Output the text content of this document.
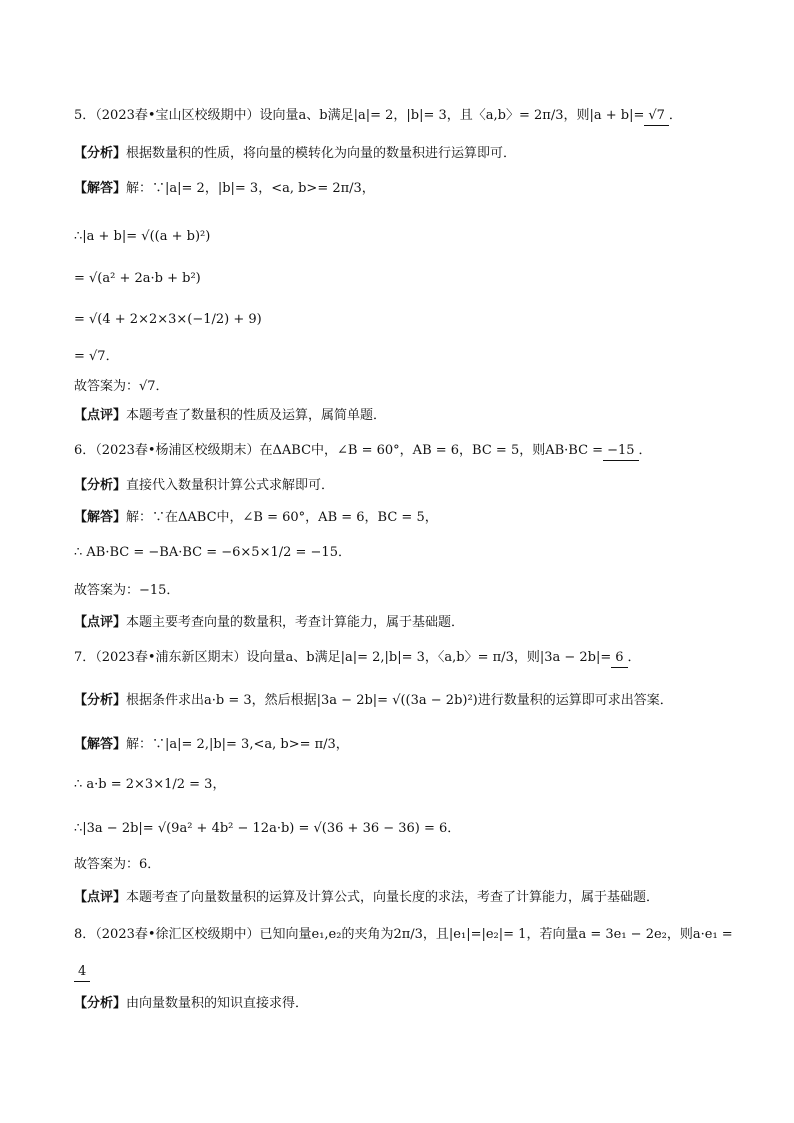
5．（2023春•宝山区校级期中）设向量a、b满足|a|= 2，|b|= 3，且〈a,b〉= 2π/3，则|a + b|= √7 ．
【分析】根据数量积的性质，将向量的模转化为向量的数量积进行运算即可．
【解答】解：∵|a|= 2，|b|= 3，<a, b>= 2π/3，
∴|a + b|= √((a + b)²)
= √(a² + 2a·b + b²)
= √(4 + 2×2×3×(−1/2) + 9)
= √7．
故答案为：√7．
【点评】本题考查了数量积的性质及运算，属简单题．
6．（2023春•杨浦区校级期末）在ΔABC中，∠B = 60°，AB = 6，BC = 5，则AB·BC = −15 ．
【分析】直接代入数量积计算公式求解即可．
【解答】解：∵在ΔABC中，∠B = 60°，AB = 6，BC = 5，
∴ AB·BC = −BA·BC = −6×5×1/2 = −15．
故答案为：−15．
【点评】本题主要考查向量的数量积，考查计算能力，属于基础题．
7．（2023春•浦东新区期末）设向量a、b满足|a|= 2,|b|= 3，〈a,b〉= π/3，则|3a − 2b|= 6 ．
【分析】根据条件求出a·b = 3，然后根据|3a − 2b|= √((3a − 2b)²)进行数量积的运算即可求出答案．
【解答】解：∵|a|= 2,|b|= 3,<a, b>= π/3，
∴ a·b = 2×3×1/2 = 3，
∴|3a − 2b|= √(9a² + 4b² − 12a·b) = √(36 + 36 − 36) = 6．
故答案为：6．
【点评】本题考查了向量数量积的运算及计算公式，向量长度的求法，考查了计算能力，属于基础题．
8．（2023春•徐汇区校级期中）已知向量e₁,e₂的夹角为2π/3，且|e₁|=|e₂|= 1，若向量a = 3e₁ − 2e₂，则a·e₁ =
4
【分析】由向量数量积的知识直接求得．
